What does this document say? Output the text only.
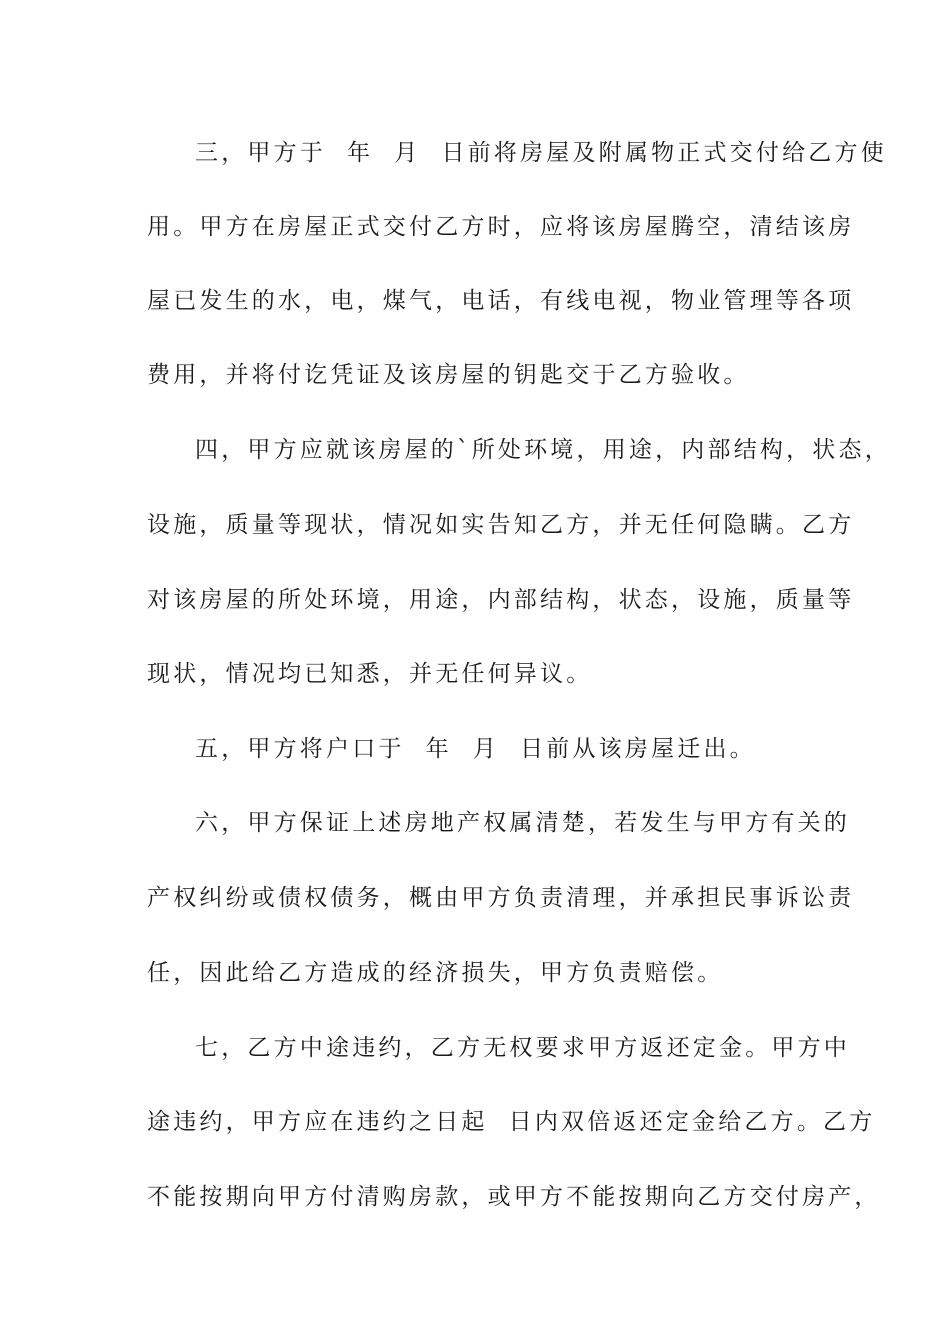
三，甲方于  年  月  日前将房屋及附属物正式交付给乙方使
用。甲方在房屋正式交付乙方时，应将该房屋腾空，清结该房
屋已发生的水，电，煤气，电话，有线电视，物业管理等各项
费用，并将付讫凭证及该房屋的钥匙交于乙方验收。
四，甲方应就该房屋的`所处环境，用途，内部结构，状态，
设施，质量等现状，情况如实告知乙方，并无任何隐瞒。乙方
对该房屋的所处环境，用途，内部结构，状态，设施，质量等
现状，情况均已知悉，并无任何异议。
五，甲方将户口于  年  月  日前从该房屋迁出。
六，甲方保证上述房地产权属清楚，若发生与甲方有关的
产权纠纷或债权债务，概由甲方负责清理，并承担民事诉讼责
任，因此给乙方造成的经济损失，甲方负责赔偿。
七，乙方中途违约，乙方无权要求甲方返还定金。甲方中
途违约，甲方应在违约之日起  日内双倍返还定金给乙方。乙方
不能按期向甲方付清购房款，或甲方不能按期向乙方交付房产，
